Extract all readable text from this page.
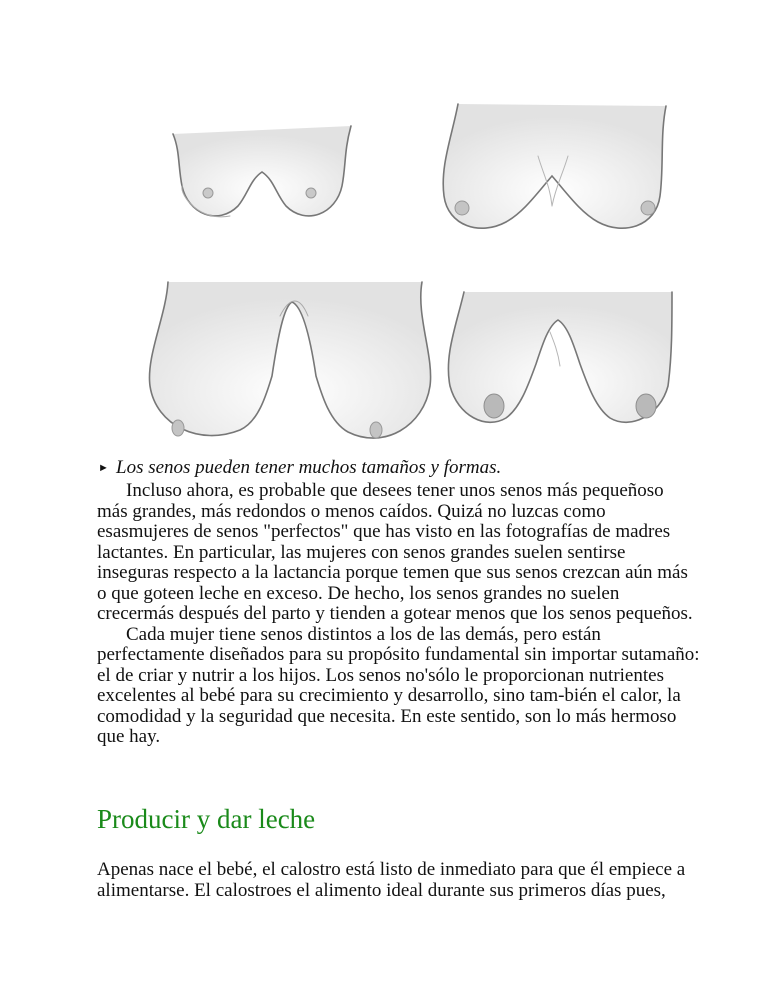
► Los senos pueden tener muchos tamaños y formas.

Incluso ahora, es probable que desees tener unos senos más pequeñoso
más grandes, más redondos o menos caídos. Quizá no luzcas como
esasmujeres de senos "perfectos" que has visto en las fotografías de madres
lactantes. En particular, las mujeres con senos grandes suelen sentirse
inseguras respecto a la lactancia porque temen que sus senos crezcan aún más
o que goteen leche en exceso. De hecho, los senos grandes no suelen
crecermás después del parto y tienden a gotear menos que los senos pequeños.

Cada mujer tiene senos distintos a los de las demás, pero están
perfectamente diseñados para su propósito fundamental sin importar sutamaño:
el de criar y nutrir a los hijos. Los senos no'sólo le proporcionan nutrientes
excelentes al bebé para su crecimiento y desarrollo, sino tam-bién el calor, la
comodidad y la seguridad que necesita. En este sentido, son lo más hermoso
que hay.

Producir y dar leche

Apenas nace el bebé, el calostro está listo de inmediato para que él empiece a
alimentarse. El calostroes el alimento ideal durante sus primeros días pues,
